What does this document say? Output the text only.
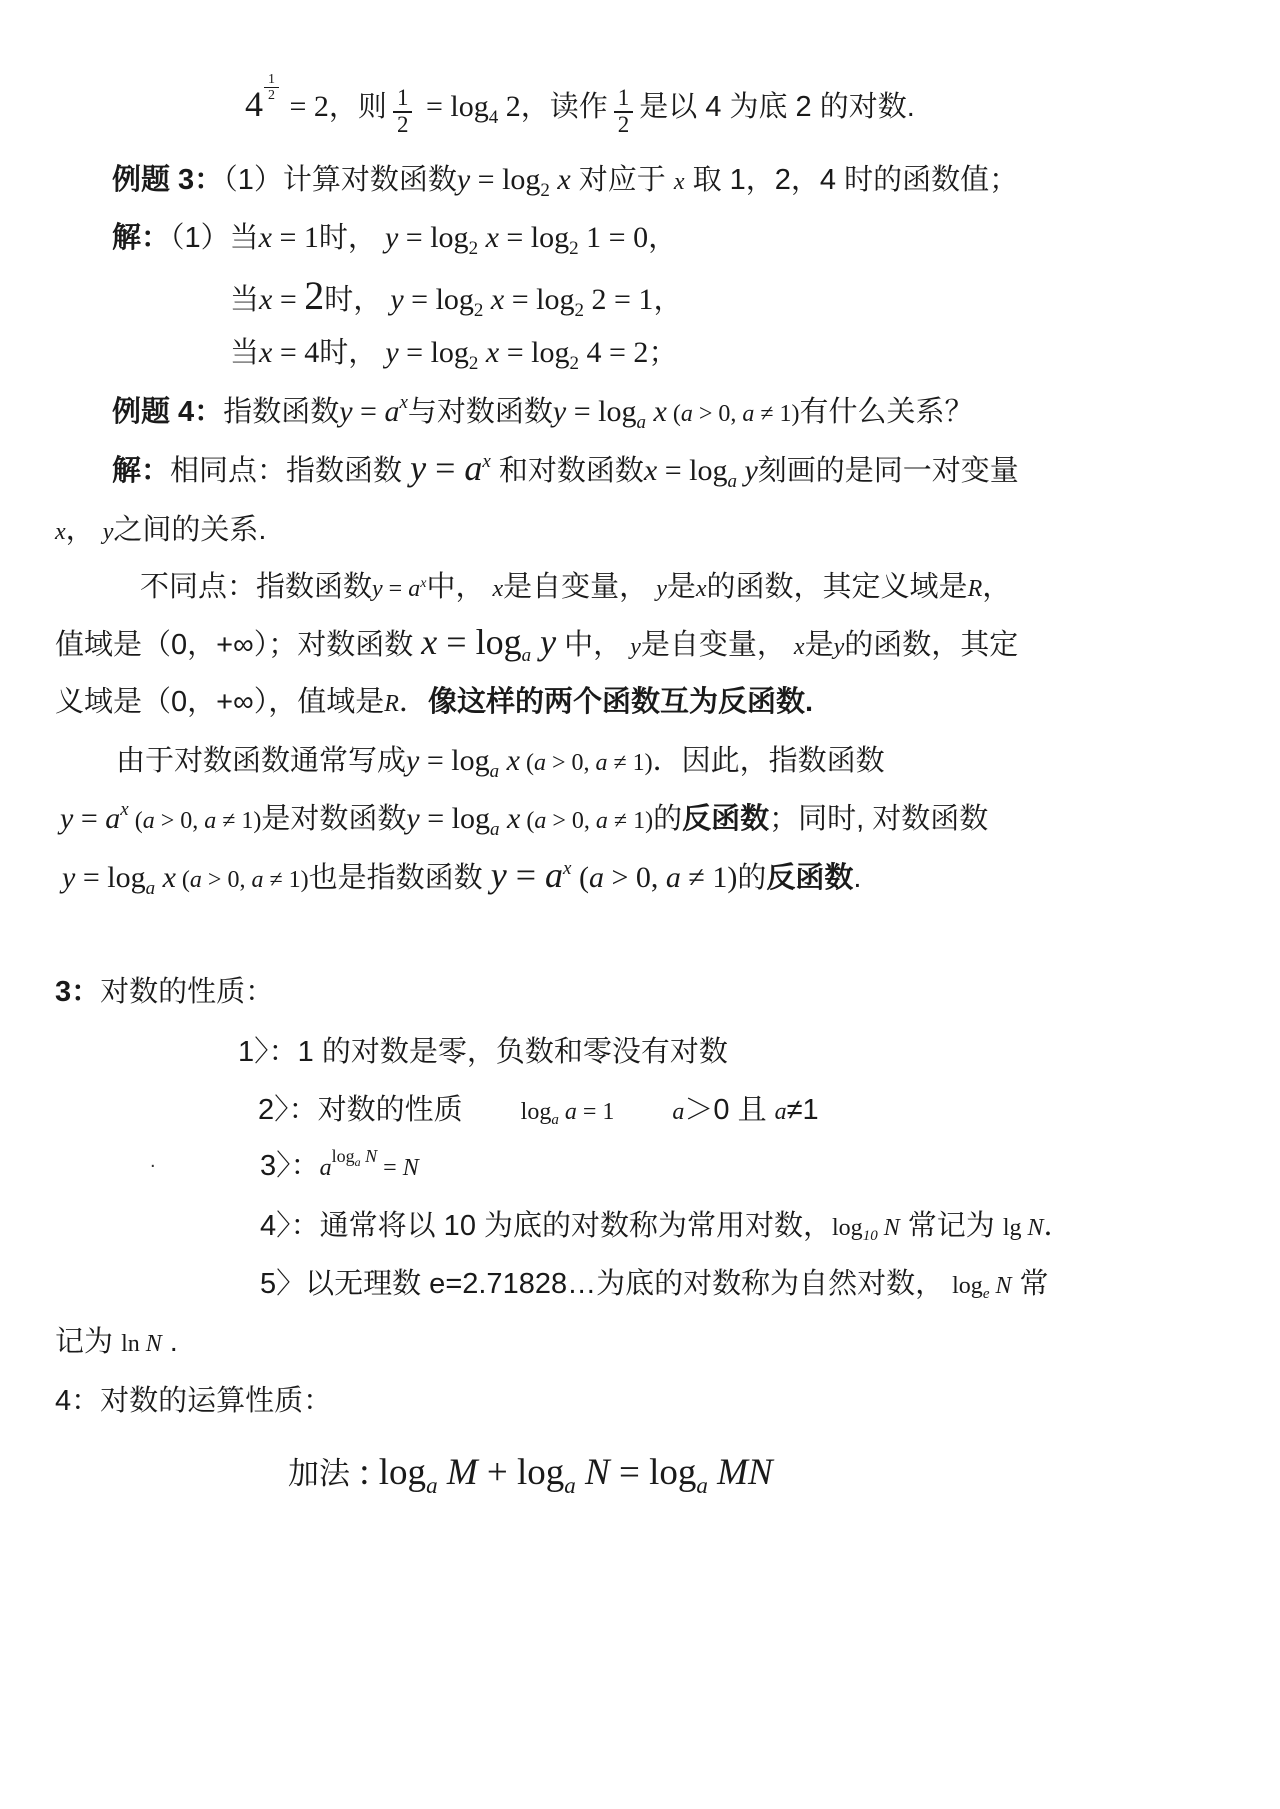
$4 \frac{1}{2}$
= 2，则 $\frac{1}{2} = \log 4$ 2，读作 $\frac{1}{2}$ 是以 4 为底 2 的对数.
例题 3：（1）计算对数函数y = log2 x 对应于 x 取 1，2，4 时的函数值；
解：（1）当x = 1时， y = log2 x = log2 1 = 0，
当x = 2时， y = log2 x = log2 2 = 1，
当x = 4时， y = log2 x = log2 4 = 2；
例题 4：指数函数y = ax与对数函数y = loga x (a > 0, a ≠ 1)有什么关系？
解：相同点：指数函数 y = ax 和对数函数x = loga y刻画的是同一对变量
x， y之间的关系.
不同点：指数函数y = ax中， x是自变量， y是x的函数，其定义域是R，
值域是（0，+∞）；对数函数 x = loga y 中， y是自变量， x是y的函数，其定
义域是（0，+∞），值域是R．像这样的两个函数互为反函数.
由于对数函数通常写成y = loga x (a > 0, a ≠ 1)．因此，指数函数
y = ax (a > 0, a ≠ 1)是对数函数y = loga x (a > 0, a ≠ 1)的反函数；同时, 对数函数
y = loga x (a > 0, a ≠ 1)也是指数函数 y = ax (a > 0, a ≠ 1)的反函数.
3：对数的性质：
1〉：1 的对数是零，负数和零没有对数
2〉：对数的性质　　 loga a = 1　　 a＞0 且 a≠1
.	3〉：alog$_a$ N = N
4〉：通常将以 10 为底的对数称为常用对数，log10 N 常记为 lg N．
5〉以无理数 e=2.71828…为底的对数称为自然对数， loge N 常
记为 ln N .
4：对数的运算性质：
加法 : loga M + loga N = loga MN
